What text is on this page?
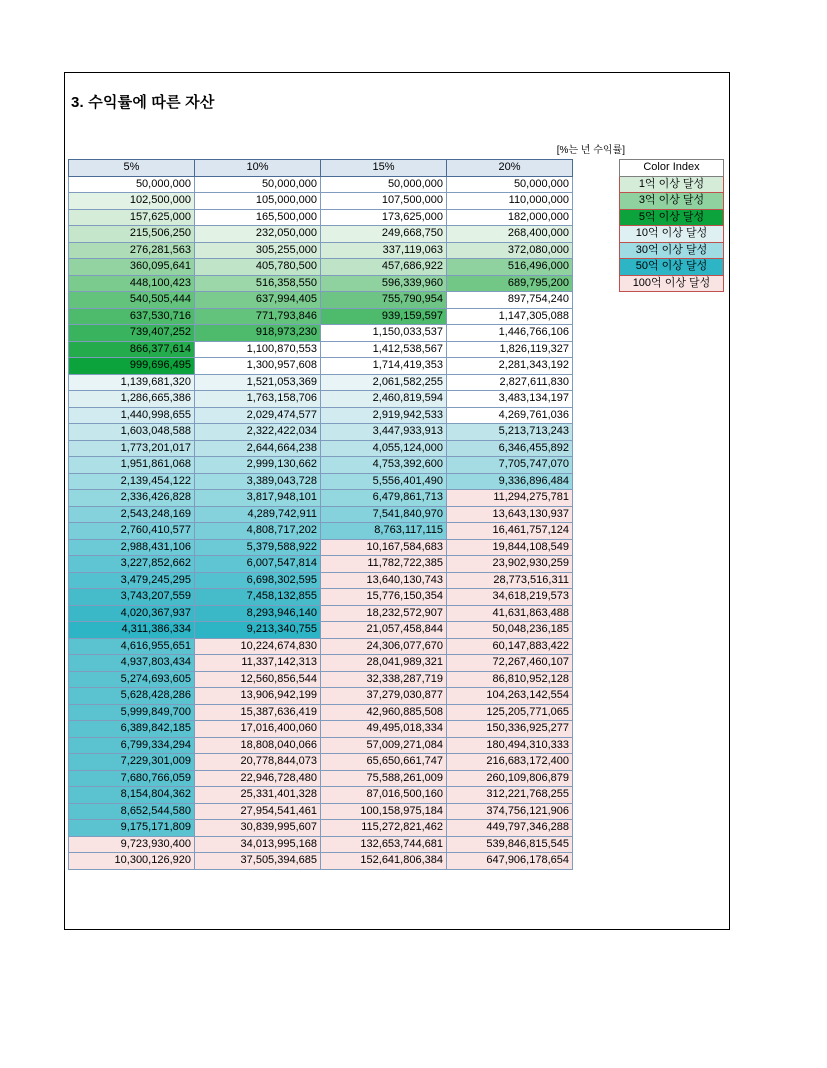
3. 수익률에 따른 자산
[%는 년 수익률]
5%	10%	15%	20%
50,000,000	50,000,000	50,000,000	50,000,000
102,500,000	105,000,000	107,500,000	110,000,000
157,625,000	165,500,000	173,625,000	182,000,000
215,506,250	232,050,000	249,668,750	268,400,000
276,281,563	305,255,000	337,119,063	372,080,000
360,095,641	405,780,500	457,686,922	516,496,000
448,100,423	516,358,550	596,339,960	689,795,200
540,505,444	637,994,405	755,790,954	897,754,240
637,530,716	771,793,846	939,159,597	1,147,305,088
739,407,252	918,973,230	1,150,033,537	1,446,766,106
866,377,614	1,100,870,553	1,412,538,567	1,826,119,327
999,696,495	1,300,957,608	1,714,419,353	2,281,343,192
1,139,681,320	1,521,053,369	2,061,582,255	2,827,611,830
1,286,665,386	1,763,158,706	2,460,819,594	3,483,134,197
1,440,998,655	2,029,474,577	2,919,942,533	4,269,761,036
1,603,048,588	2,322,422,034	3,447,933,913	5,213,713,243
1,773,201,017	2,644,664,238	4,055,124,000	6,346,455,892
1,951,861,068	2,999,130,662	4,753,392,600	7,705,747,070
2,139,454,122	3,389,043,728	5,556,401,490	9,336,896,484
2,336,426,828	3,817,948,101	6,479,861,713	11,294,275,781
2,543,248,169	4,289,742,911	7,541,840,970	13,643,130,937
2,760,410,577	4,808,717,202	8,763,117,115	16,461,757,124
2,988,431,106	5,379,588,922	10,167,584,683	19,844,108,549
3,227,852,662	6,007,547,814	11,782,722,385	23,902,930,259
3,479,245,295	6,698,302,595	13,640,130,743	28,773,516,311
3,743,207,559	7,458,132,855	15,776,150,354	34,618,219,573
4,020,367,937	8,293,946,140	18,232,572,907	41,631,863,488
4,311,386,334	9,213,340,755	21,057,458,844	50,048,236,185
4,616,955,651	10,224,674,830	24,306,077,670	60,147,883,422
4,937,803,434	11,337,142,313	28,041,989,321	72,267,460,107
5,274,693,605	12,560,856,544	32,338,287,719	86,810,952,128
5,628,428,286	13,906,942,199	37,279,030,877	104,263,142,554
5,999,849,700	15,387,636,419	42,960,885,508	125,205,771,065
6,389,842,185	17,016,400,060	49,495,018,334	150,336,925,277
6,799,334,294	18,808,040,066	57,009,271,084	180,494,310,333
7,229,301,009	20,778,844,073	65,650,661,747	216,683,172,400
7,680,766,059	22,946,728,480	75,588,261,009	260,109,806,879
8,154,804,362	25,331,401,328	87,016,500,160	312,221,768,255
8,652,544,580	27,954,541,461	100,158,975,184	374,756,121,906
9,175,171,809	30,839,995,607	115,272,821,462	449,797,346,288
9,723,930,400	34,013,995,168	132,653,744,681	539,846,815,545
10,300,126,920	37,505,394,685	152,641,806,384	647,906,178,654
Color Index
1억 이상 달성
3억 이상 달성
5억 이상 달성
10억 이상 달성
30억 이상 달성
50억 이상 달성
100억 이상 달성
